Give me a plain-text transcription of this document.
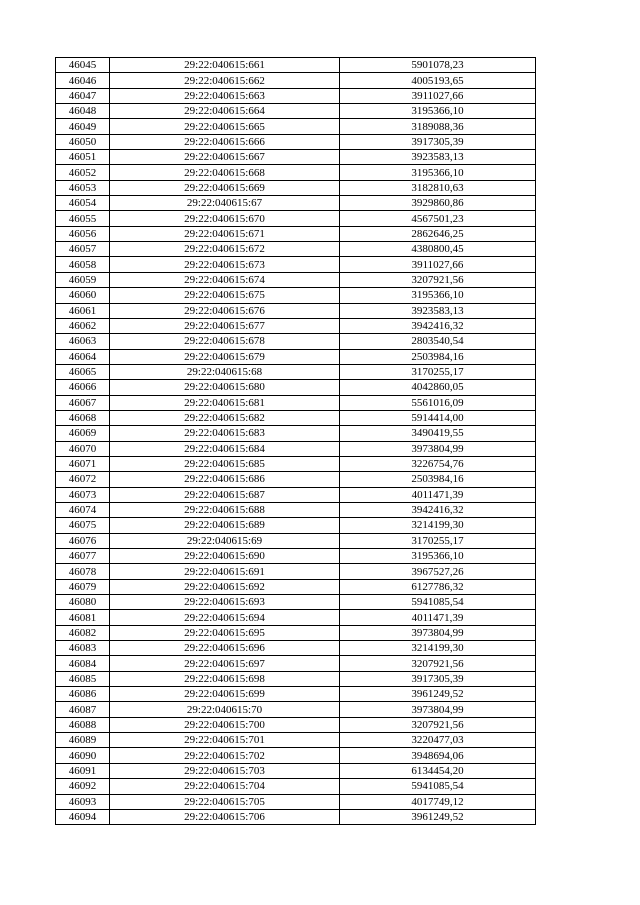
46045	29:22:040615:661	5901078,23
46046	29:22:040615:662	4005193,65
46047	29:22:040615:663	3911027,66
46048	29:22:040615:664	3195366,10
46049	29:22:040615:665	3189088,36
46050	29:22:040615:666	3917305,39
46051	29:22:040615:667	3923583,13
46052	29:22:040615:668	3195366,10
46053	29:22:040615:669	3182810,63
46054	29:22:040615:67	3929860,86
46055	29:22:040615:670	4567501,23
46056	29:22:040615:671	2862646,25
46057	29:22:040615:672	4380800,45
46058	29:22:040615:673	3911027,66
46059	29:22:040615:674	3207921,56
46060	29:22:040615:675	3195366,10
46061	29:22:040615:676	3923583,13
46062	29:22:040615:677	3942416,32
46063	29:22:040615:678	2803540,54
46064	29:22:040615:679	2503984,16
46065	29:22:040615:68	3170255,17
46066	29:22:040615:680	4042860,05
46067	29:22:040615:681	5561016,09
46068	29:22:040615:682	5914414,00
46069	29:22:040615:683	3490419,55
46070	29:22:040615:684	3973804,99
46071	29:22:040615:685	3226754,76
46072	29:22:040615:686	2503984,16
46073	29:22:040615:687	4011471,39
46074	29:22:040615:688	3942416,32
46075	29:22:040615:689	3214199,30
46076	29:22:040615:69	3170255,17
46077	29:22:040615:690	3195366,10
46078	29:22:040615:691	3967527,26
46079	29:22:040615:692	6127786,32
46080	29:22:040615:693	5941085,54
46081	29:22:040615:694	4011471,39
46082	29:22:040615:695	3973804,99
46083	29:22:040615:696	3214199,30
46084	29:22:040615:697	3207921,56
46085	29:22:040615:698	3917305,39
46086	29:22:040615:699	3961249,52
46087	29:22:040615:70	3973804,99
46088	29:22:040615:700	3207921,56
46089	29:22:040615:701	3220477,03
46090	29:22:040615:702	3948694,06
46091	29:22:040615:703	6134454,20
46092	29:22:040615:704	5941085,54
46093	29:22:040615:705	4017749,12
46094	29:22:040615:706	3961249,52
